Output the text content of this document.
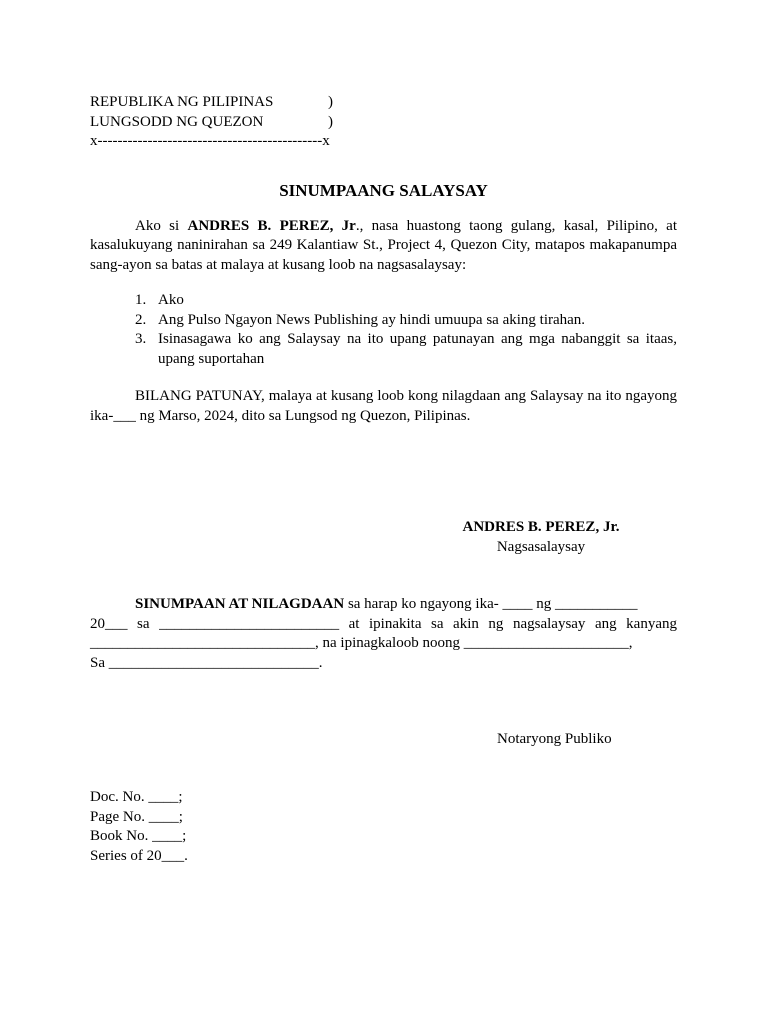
REPUBLIKA NG PILIPINAS	)
LUNGSODD NG QUEZON	)
x---------------------------------------------x
SINUMPAANG SALAYSAY
Ako si ANDRES B. PEREZ, Jr., nasa huastong taong gulang, kasal, Pilipino, at kasalukuyang naninirahan sa 249 Kalantiaw St., Project 4, Quezon City, matapos makapanumpa sang-ayon sa batas at malaya at kusang loob na nagsasalaysay:
1. Ako
2. Ang Pulso Ngayon News Publishing ay hindi umuupa sa aking tirahan.
3. Isinasagawa ko ang Salaysay na ito upang patunayan ang mga nabanggit sa itaas, upang suportahan
BILANG PATUNAY, malaya at kusang loob kong nilagdaan ang Salaysay na ito ngayong ika-___ ng Marso, 2024, dito sa Lungsod ng Quezon, Pilipinas.
ANDRES B. PEREZ, Jr.
Nagsasalaysay
SINUMPAAN AT NILAGDAAN sa harap ko ngayong ika- ____ ng ___________
20___  sa  ________________________  at  ipinakita  sa  akin  ng  nagsalaysay  ang  kanyang
______________________________, na ipinagkaloob noong ______________________,
Sa ____________________________.
Notaryong Publiko
Doc. No. ____;
Page No. ____;
Book No. ____;
Series of 20___.
